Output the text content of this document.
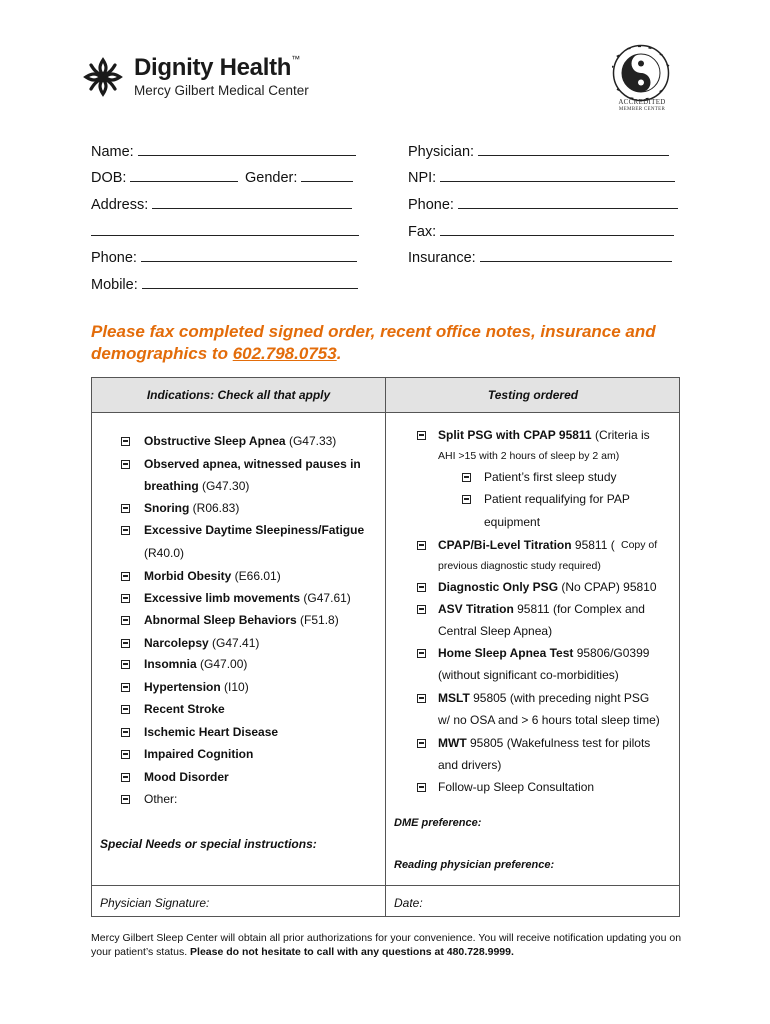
Dignity Health™
Mercy Gilbert Medical Center
ACCREDITED
MEMBER CENTER
Name:
DOB:	Gender:
Address:
Phone:
Mobile:
Physician:
NPI:
Phone:
Fax:
Insurance:
Please fax completed signed order, recent office notes, insurance and demographics to 602.798.0753.
Indications: Check all that apply	Testing ordered
Obstructive Sleep Apnea (G47.33)
Observed apnea, witnessed pauses in
breathing (G47.30)
Snoring (R06.83)
Excessive Daytime Sleepiness/Fatigue
(R40.0)
Morbid Obesity (E66.01)
Excessive limb movements (G47.61)
Abnormal Sleep Behaviors (F51.8)
Narcolepsy (G47.41)
Insomnia (G47.00)
Hypertension (I10)
Recent Stroke
Ischemic Heart Disease
Impaired Cognition
Mood Disorder
Other:
Special Needs or special instructions:
Split PSG with CPAP 95811 (Criteria is
AHI >15 with 2 hours of sleep by 2 am)
Patient’s first sleep study
Patient requalifying for PAP
equipment
CPAP/Bi-Level Titration 95811 ( Copy of
previous diagnostic study required)
Diagnostic Only PSG (No CPAP) 95810
ASV Titration 95811 (for Complex and
Central Sleep Apnea)
Home Sleep Apnea Test 95806/G0399
(without significant co-morbidities)
MSLT 95805 (with preceding night PSG
w/ no OSA and > 6 hours total sleep time)
MWT 95805 (Wakefulness test for pilots
and drivers)
Follow-up Sleep Consultation
DME preference:
Reading physician preference:
Physician Signature:	Date:
Mercy Gilbert Sleep Center will obtain all prior authorizations for your convenience. You will receive notification updating you on your patient’s status. Please do not hesitate to call with any questions at 480.728.9999.
